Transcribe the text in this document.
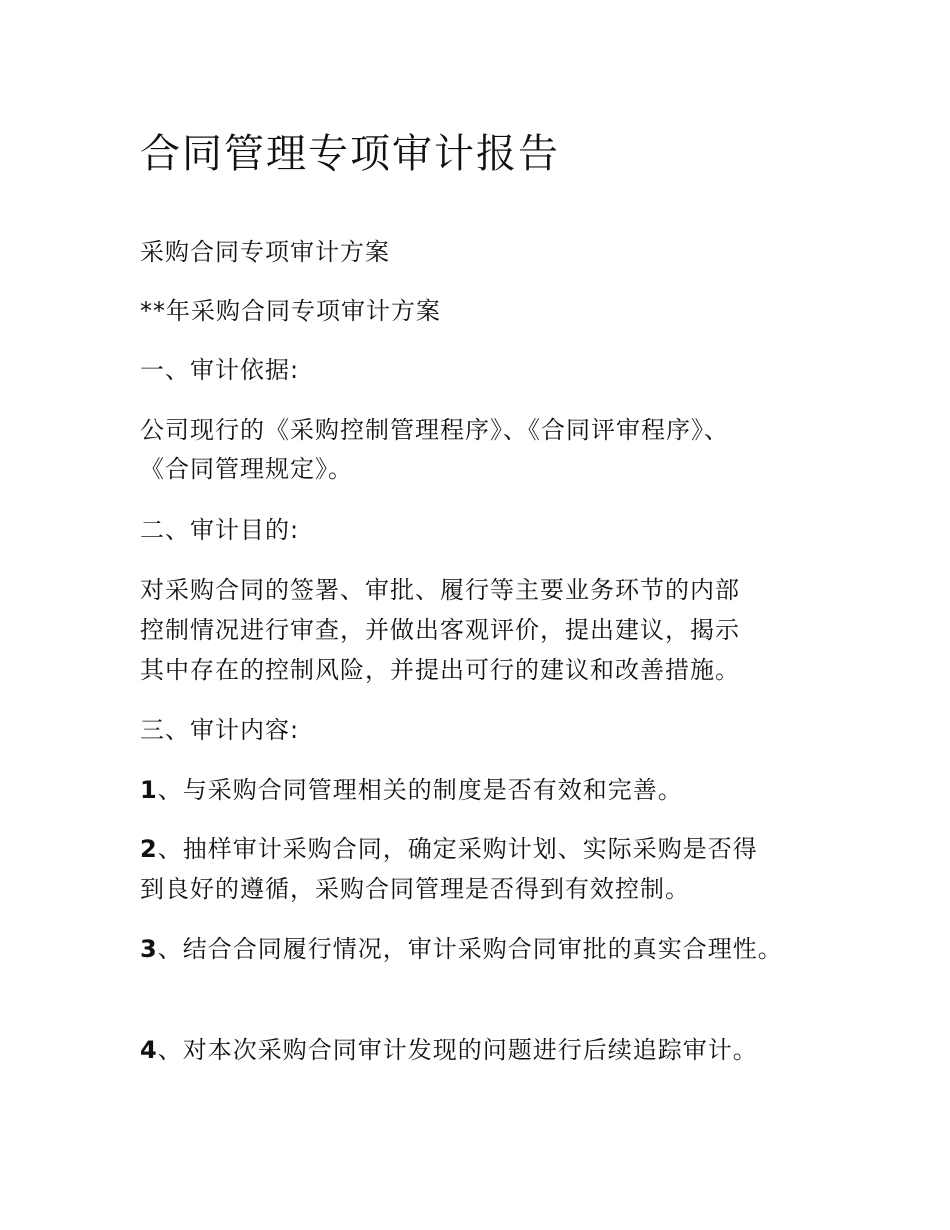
合同管理专项审计报告

采购合同专项审计方案

**年采购合同专项审计方案

一、审计依据:

公司现行的《采购控制管理程序》、《合同评审程序》、

《合同管理规定》。

二、审计目的:

对采购合同的签署、审批、履行等主要业务环节的内部

控制情况进行审查，并做出客观评价，提出建议，揭示

其中存在的控制风险，并提出可行的建议和改善措施。

三、审计内容:

1、与采购合同管理相关的制度是否有效和完善。

2、抽样审计采购合同，确定采购计划、实际采购是否得

到良好的遵循，采购合同管理是否得到有效控制。

3、结合合同履行情况，审计采购合同审批的真实合理性。

4、对本次采购合同审计发现的问题进行后续追踪审计。
